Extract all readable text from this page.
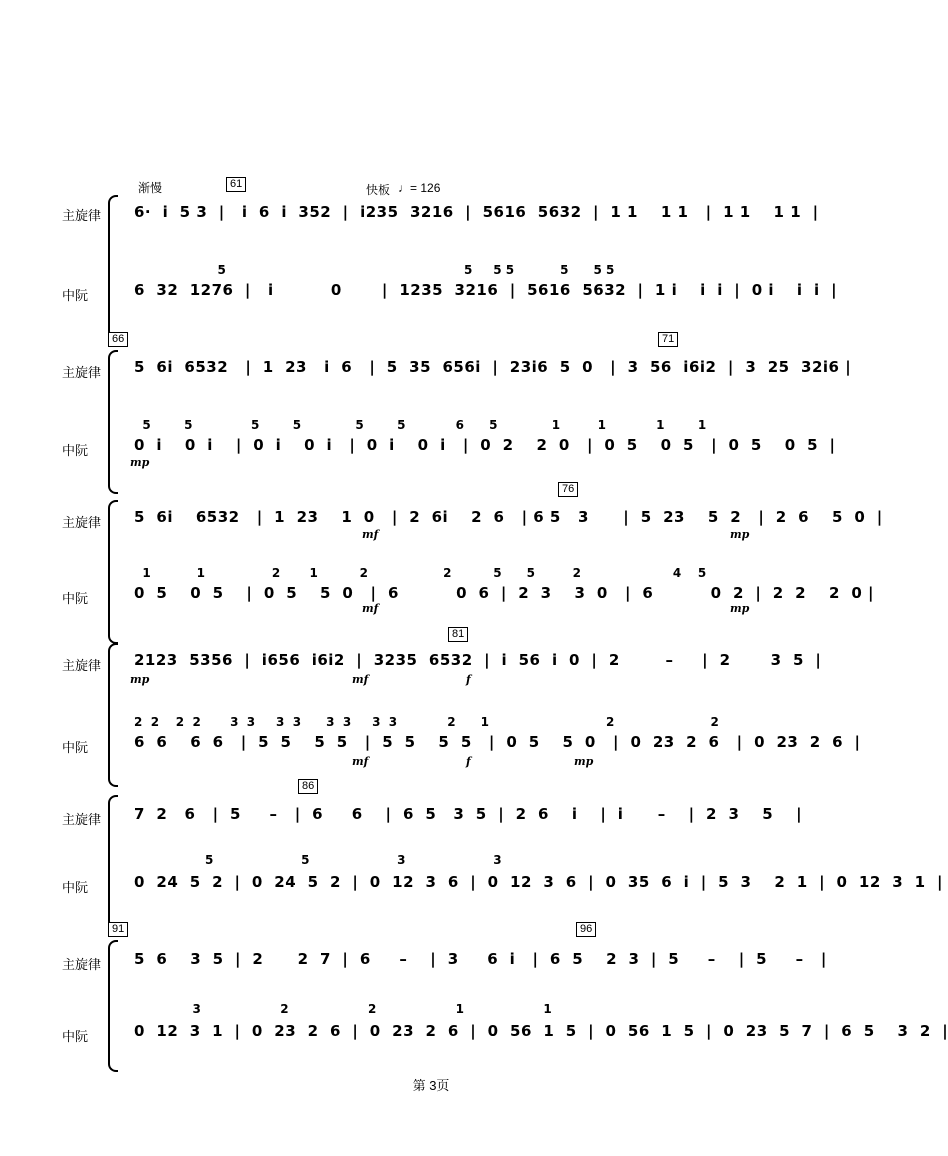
渐慢	61	快板 ♩= 126
主旋律	6·  i  5 3  |   i  6  i  352  |  i235  3216  |  5616  5632  |  1 1    1 1   |  1 1    1 1  |
5                                                         5     5 5           5      5 5
中阮	6  32  1276  |   i          0       |  1235  3216  |  5616  5632  |  1 i    i  i  |  0 i    i  i  |
66	71
主旋律	5  6i  6532   |  1  23   i  6   |  5  35  656i  |  23i6  5  0   |  3  56  i6i2  |  3  25  32i6 |
5        5              5        5             5        5            6      5             1         1            1        1
中阮	0  i    0  i    |  0  i    0  i   |  0  i    0  i   |  0  2    2  0   |  0  5    0  5   |  0  5    0  5  |
mp
76
主旋律	5  6i    6532   |  1  23    1  0   |  2  6i    2  6   | 6 5   3      |  5  23    5  2   |  2  6    5  0  |
mf	mp
1           1                2       1          2                  2          5      5         2                      4    5
中阮	0  5    0  5    |  0  5    5  0   |  6          0  6  |  2  3    3  0   |  6          0  2  |  2  2    2  0 |
mf	mp
81
主旋律	2123  5356  |  i656  i6i2  |  3235  6532  |  i  56  i  0  |  2        –     |  2       3  5  |
mp	mf	f
2  2    2  2       3  3     3  3      3  3     3  3            2      1                            2                       2
中阮	6  6    6  6   |  5  5    5  5   |  5  5    5  5   |  0  5    5  0   |  0  23  2  6   |  0  23  2  6  |
mf	f	mp
86
主旋律	7  2   6   |  5     –   |  6     6    |  6  5   3  5  |  2  6    i    |  i      –    |  2  3    5    |
5                     5                     3                     3
中阮	0  24  5  2  |  0  24  5  2  |  0  12  3  6  |  0  12  3  6  |  0  35  6  i  |  5  3    2  1  |  0  12  3  1  |
91	96
主旋律	5  6    3  5  |  2      2  7  |  6     –    |  3     6  i   |  6  5    2  3  |  5     –    |  5     –   |
3                   2                   2                   1                   1
中阮	0  12  3  1  |  0  23  2  6  |  0  23  2  6  |  0  56  1  5  |  0  56  1  5  |  0  23  5  7  |  6  5    3  2  |
第 3页
